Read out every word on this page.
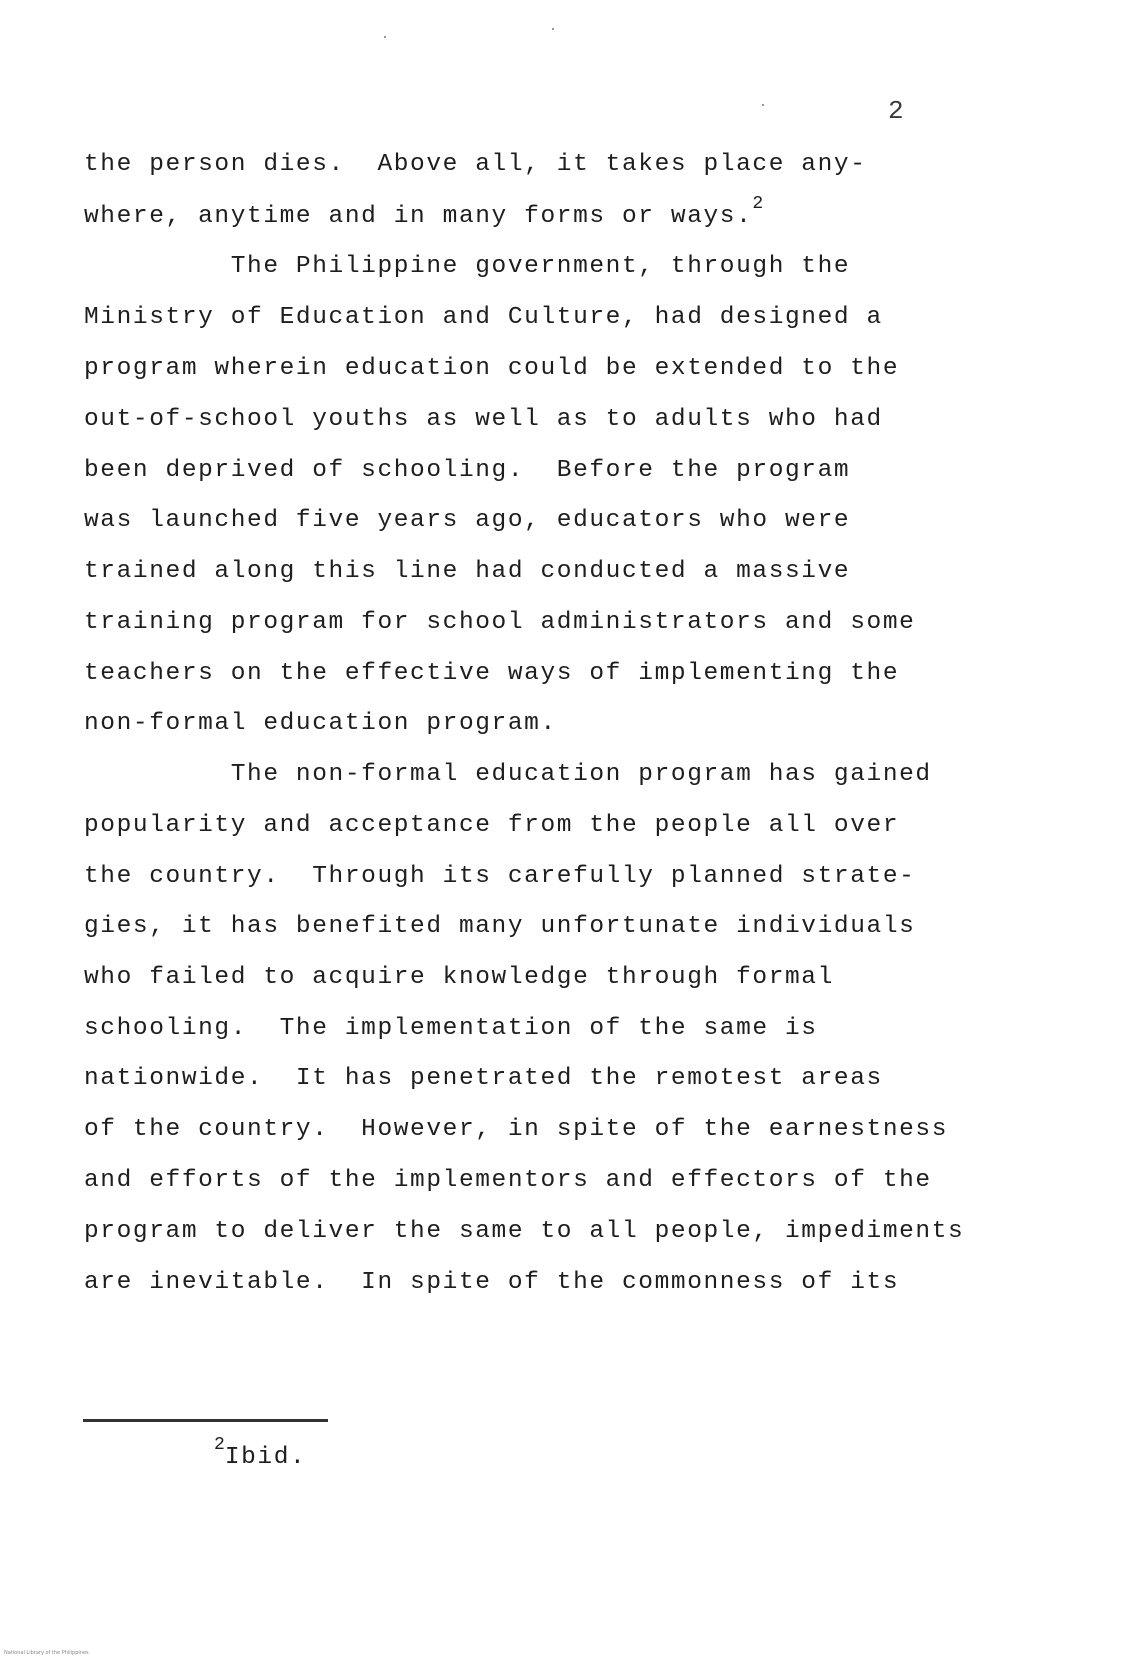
2
the person dies.  Above all, it takes place any-
where, anytime and in many forms or ways.$^2$
The Philippine government, through the
Ministry of Education and Culture, had designed a
program wherein education could be extended to the
out-of-school youths as well as to adults who had
been deprived of schooling.  Before the program
was launched five years ago, educators who were
trained along this line had conducted a massive
training program for school administrators and some
teachers on the effective ways of implementing the
non-formal education program.
The non-formal education program has gained
popularity and acceptance from the people all over
the country.  Through its carefully planned strate-
gies, it has benefited many unfortunate individuals
who failed to acquire knowledge through formal
schooling.  The implementation of the same is
nationwide.  It has penetrated the remotest areas
of the country.  However, in spite of the earnestness
and efforts of the implementors and effectors of the
program to deliver the same to all people, impediments
are inevitable.  In spite of the commonness of its
$^2$Ibid.
National Library of the Philippines
